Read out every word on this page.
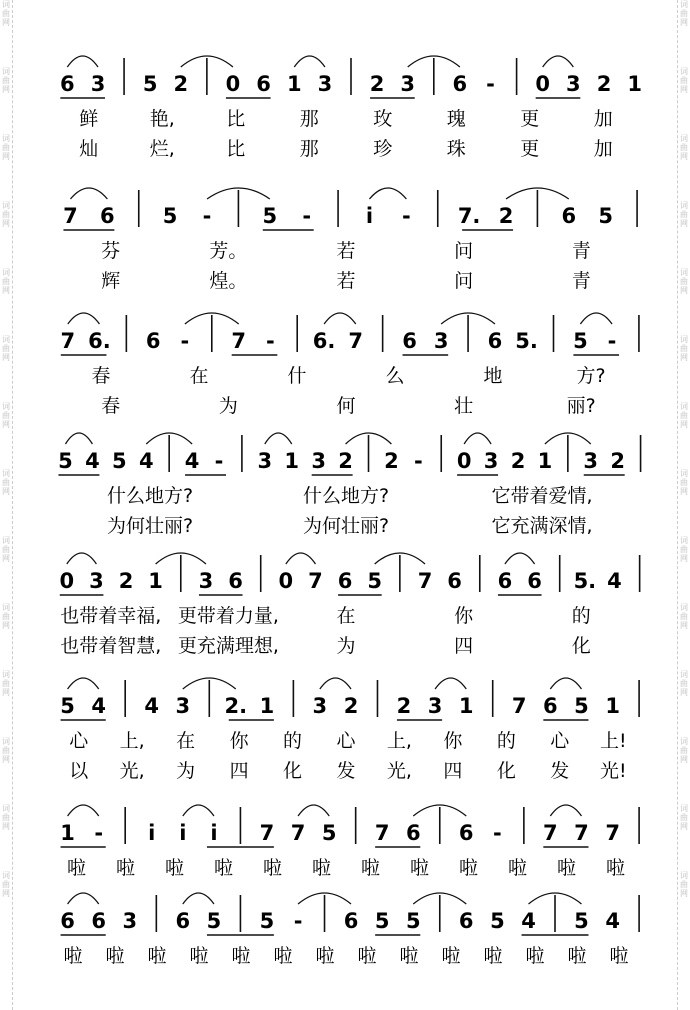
词曲网
词曲网
词曲网
词曲网
词曲网
词曲网
词曲网
词曲网
词曲网
词曲网
词曲网
词曲网
词曲网
词曲网
词曲网
词曲网
词曲网
词曲网
词曲网
词曲网
词曲网
词曲网
词曲网
词曲网
词曲网
词曲网
词曲网
词曲网
6 3 5 2 0 6 1 3 2 3 6 - 0 3 2 1
鲜	艳,	比	那	玫	瑰	更	加
灿	烂,	比	那	珍	珠	更	加
7 6 5 - 5 -	i - 7. 2 6 5
芬	芳。	若	问	青
辉	煌。	若	问	青
7 6. 6 - 7 - 6. 7 6 3 6 5. 5 -
春	在	什	么	地	方?
春	为	何	壮	丽?
5 4 5 4 4 - 3 1 3 2 2 - 0 3 2 1 3 2
什么地方?	什么地方?	它带着爱情,
为何壮丽?	为何壮丽?	它充满深情,
0 3 2 1 3 6 0 7 6 5 7 6 6 6 5. 4
也带着幸福, 更带着力量,	在	你	的
也带着智慧, 更充满理想,	为	四	化
5 4 4 3 2. 1 3 2 2 3 1 7 6 5 1
心 上, 在 你 的 心 上, 你 的 心 上!
以 光, 为 四 化 发 光, 四 化 发 光!
1 - i i i 7 7 5 7 6 6 - 7 7 7
啦 啦 啦 啦 啦 啦 啦 啦 啦 啦 啦 啦
6 6 3 6 5 5 - 6 5 5 6 5 4 5 4
啦 啦 啦 啦 啦 啦 啦 啦 啦 啦 啦 啦 啦 啦
